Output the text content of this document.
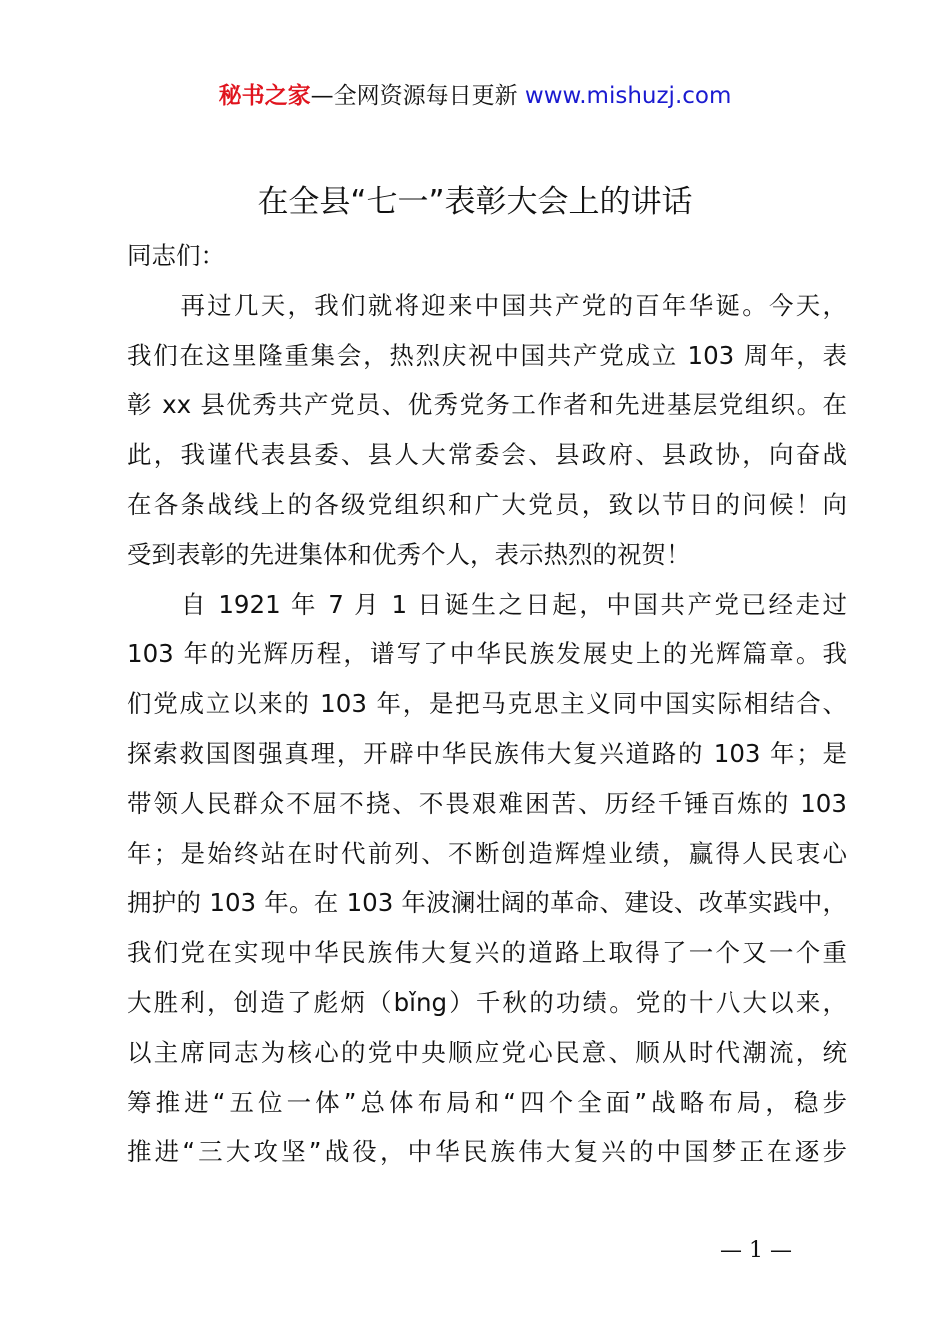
秘书之家—全网资源每日更新 www.mishuzj.com
在全县“七一”表彰大会上的讲话
同志们：
　　再过几天，我们就将迎来中国共产党的百年华诞。今天，
我们在这里隆重集会，热烈庆祝中国共产党成立 103 周年，表
彰 xx 县优秀共产党员、优秀党务工作者和先进基层党组织。在
此，我谨代表县委、县人大常委会、县政府、县政协，向奋战
在各条战线上的各级党组织和广大党员，致以节日的问候！向
受到表彰的先进集体和优秀个人，表示热烈的祝贺！
　　自 1921 年 7 月 1 日诞生之日起，中国共产党已经走过
103 年的光辉历程，谱写了中华民族发展史上的光辉篇章。我
们党成立以来的 103 年，是把马克思主义同中国实际相结合、
探索救国图强真理，开辟中华民族伟大复兴道路的 103 年；是
带领人民群众不屈不挠、不畏艰难困苦、历经千锤百炼的 103
年；是始终站在时代前列、不断创造辉煌业绩，赢得人民衷心
拥护的 103 年。在 103 年波澜壮阔的革命、建设、改革实践中，
我们党在实现中华民族伟大复兴的道路上取得了一个又一个重
大胜利，创造了彪炳（bǐng）千秋的功绩。党的十八大以来，
以主席同志为核心的党中央顺应党心民意、顺从时代潮流，统
筹推进“五位一体”总体布局和“四个全面”战略布局，稳步
推进“三大攻坚”战役，中华民族伟大复兴的中国梦正在逐步
— 1 —
